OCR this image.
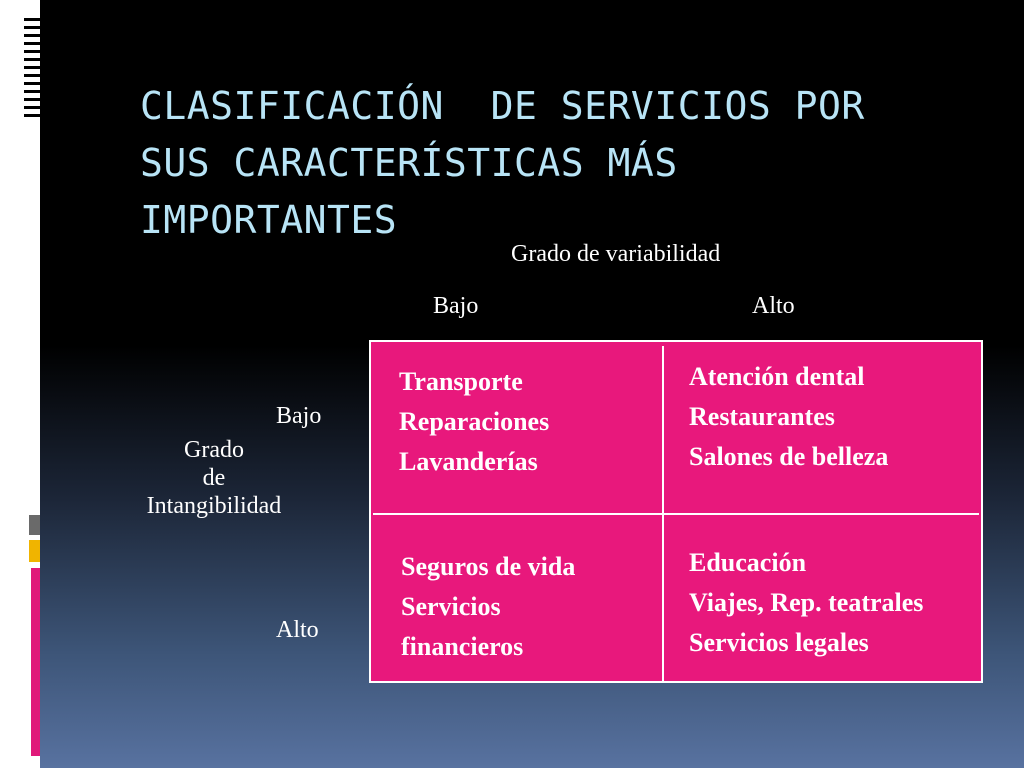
CLASIFICACIÓN  DE SERVICIOS POR
SUS CARACTERÍSTICAS MÁS
IMPORTANTES
Grado de variabilidad
Bajo	Alto
Bajo
Grado
de
Intangibilidad
Alto
Transporte
Reparaciones
Lavanderías
Atención dental
Restaurantes
Salones de belleza
Seguros de vida
Servicios
financieros
Educación
Viajes, Rep. teatrales
Servicios legales
